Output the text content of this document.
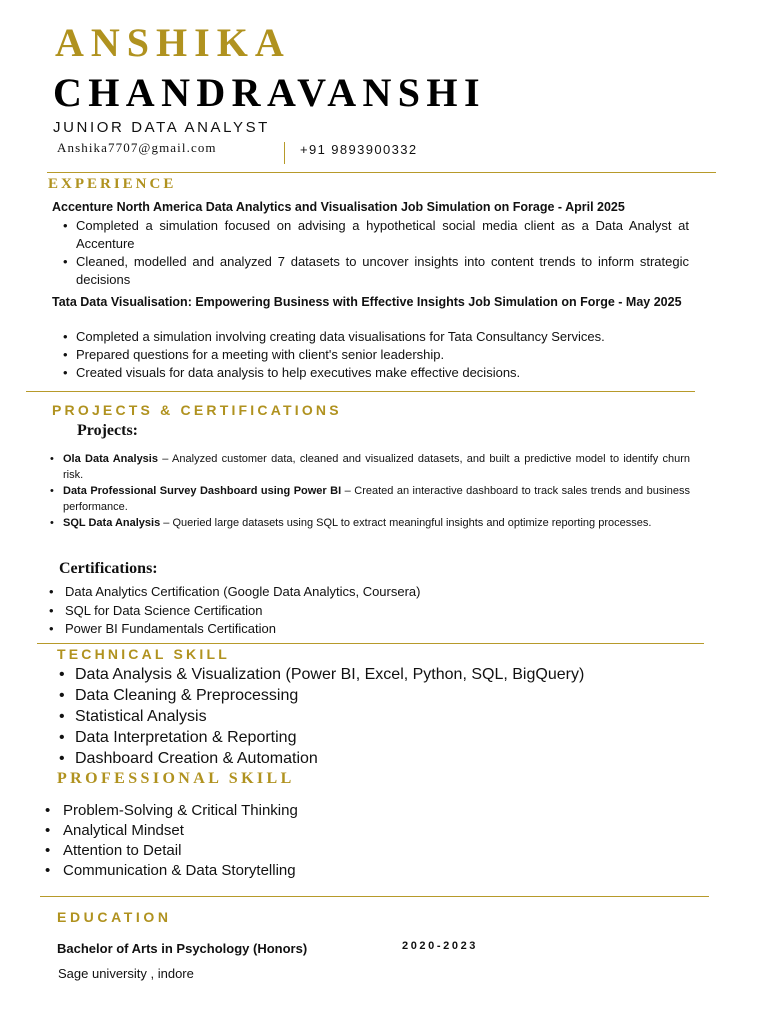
ANSHIKA
CHANDRAVANSHI
JUNIOR DATA ANALYST
Anshika7707@gmail.com	+91 9893900332
EXPERIENCE
Accenture North America Data Analytics and Visualisation Job Simulation on Forage - April 2025
• Completed a simulation focused on advising a hypothetical social media client as a Data Analyst at Accenture
• Cleaned, modelled and analyzed 7 datasets to uncover insights into content trends to inform strategic decisions
Tata Data Visualisation: Empowering Business with Effective Insights Job Simulation on Forge - May 2025
• Completed a simulation involving creating data visualisations for Tata Consultancy Services.
• Prepared questions for a meeting with client's senior leadership.
• Created visuals for data analysis to help executives make effective decisions.
PROJECTS & CERTIFICATIONS
Projects:
• Ola Data Analysis – Analyzed customer data, cleaned and visualized datasets, and built a predictive model to identify churn risk.
• Data Professional Survey Dashboard using Power BI – Created an interactive dashboard to track sales trends and business performance.
• SQL Data Analysis – Queried large datasets using SQL to extract meaningful insights and optimize reporting processes.
Certifications:
• Data Analytics Certification (Google Data Analytics, Coursera)
• SQL for Data Science Certification
• Power BI Fundamentals Certification
TECHNICAL SKILL
• Data Analysis & Visualization (Power BI, Excel, Python, SQL, BigQuery)
• Data Cleaning & Preprocessing
• Statistical Analysis
• Data Interpretation & Reporting
• Dashboard Creation & Automation
PROFESSIONAL SKILL
• Problem-Solving & Critical Thinking
• Analytical Mindset
• Attention to Detail
• Communication & Data Storytelling
EDUCATION
Bachelor of Arts in Psychology (Honors)	2020-2023
Sage university , indore
